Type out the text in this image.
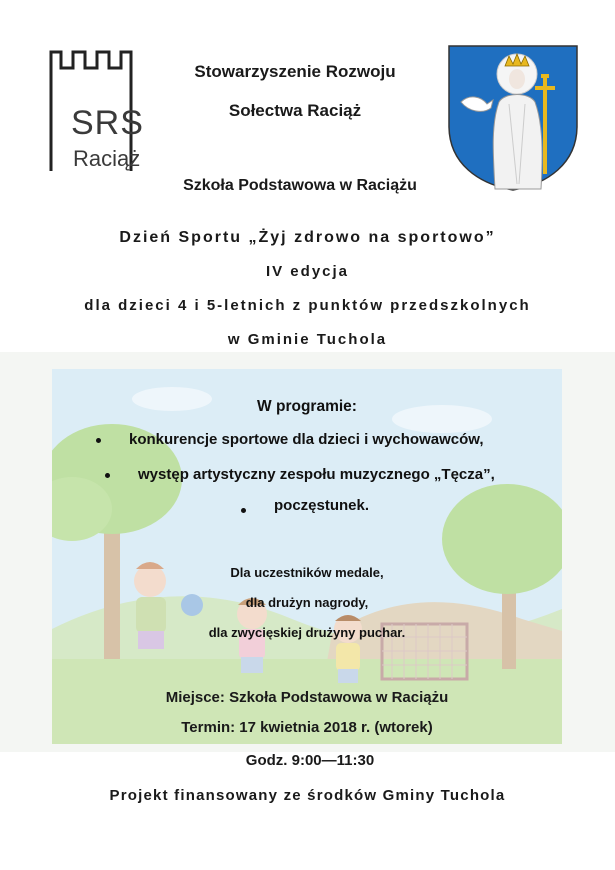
SRS
Raciąż
Stowarzyszenie Rozwoju
Sołectwa Raciąż
Szkoła Podstawowa w Raciążu
Dzień Sportu „Żyj zdrowo na sportowo”
IV edycja
dla dzieci 4 i 5-letnich z punktów przedszkolnych
w Gminie Tuchola
W programie:
konkurencje sportowe dla dzieci i wychowawców,
występ artystyczny zespołu muzycznego „Tęcza”,
poczęstunek.
Dla uczestników medale,
dla drużyn nagrody,
dla zwycięskiej drużyny puchar.
Miejsce: Szkoła Podstawowa w Raciążu
Termin: 17 kwietnia 2018 r. (wtorek)
Godz. 9:00—11:30
Projekt finansowany ze środków Gminy Tuchola
